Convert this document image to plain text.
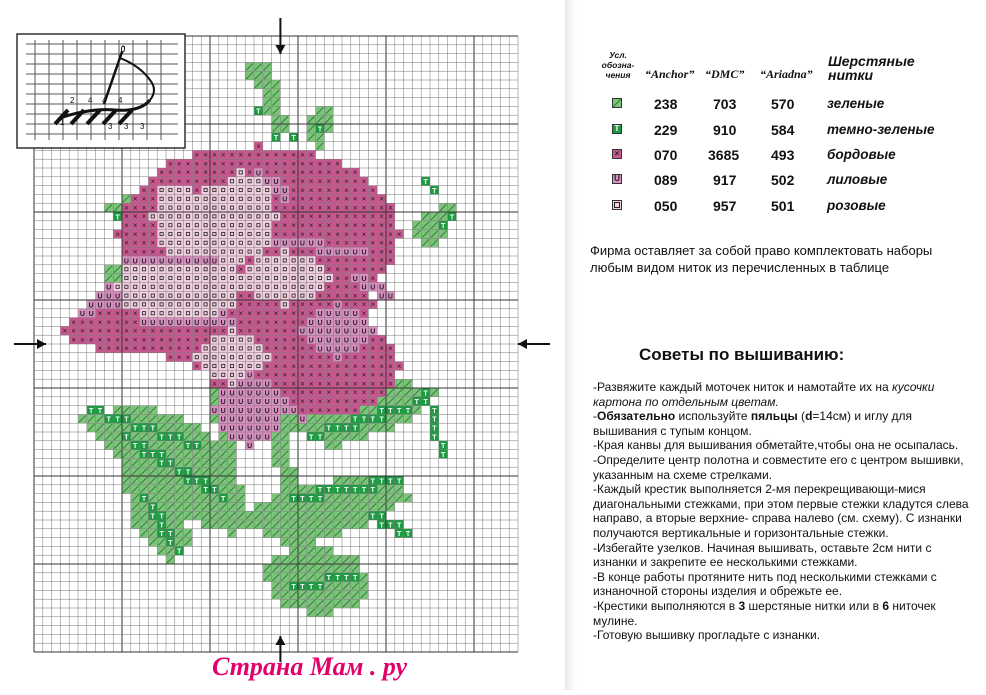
U
U U
U
U U
U
U
T
U
U
U U
U U
U ×
T T T
T T T
T	T T T
T T	T T
T T T
T T
T T
T T T
T T
T
T T T T T T T
T T T
T T
× × ×
× × × × ×	T
× × × × × ×	T T
× × × × × ×	T T T T
U	T T T T
T T T T
T T
T T T T
T T T T
T
T
T T
T
T T
T
T
T T
T T T T
T
T
T
T
T
T
T T T
T T
T
×
× × ×
T × × ×
× × × ×
U U
T
T
T T
T
T
T
×
× × × × × × × × × × × × ×
× × × × × × × × × × × × × × × × × × ×
× × × × × × × × × × U × × × × × × × × × × ×
× × × × × × × × ×	U U × × × × × × × × × ×
× ×	×	U U × × × × × × × × × ×
× ×	× U × × × × × × × × × × ×
×	× × × × × × × × × × × × × ×
× × × × × × × × × × × × ×
× × × × × × × × × × × × × ×
× × × × ×	× × × × × × × × × × × × × × ×
× × × ×	U U U U U U × × × × × × × ×
× × × × ×	× × × × × U U U U U U × × ×
U U U U U U U U U	×	× × × × × × × × ×
×	× × × × × × ×
× × U U ×
× × × × U
× ×	× × × × ×
× × × × × × × × × × U
U × × × × × × × × × ×
×
×
× × × ×
×	U U U U U ×
× U U U U U U U U U U U × × × × × × × U U U U U U U
× × × × × × × × × × × × × × × × × U U U U U U U
× × × × × × × ×	× × × × × × U U U U U U
× × × × ×	× × × × × × U U U
× × ×	× × × × × × ×
×	× × × × ×
U
U
U U U
U U U U
U U × × × ×
× × × × ×
× × × × ×
× × × ×
×
× ×
× × × ×
× × × ×
× × × × × ×
U × ×
U U × × × ×
U × × × × × ×
× × × × × × × × × × ×
× × × × × × × × × × × × × × × ×
× × U U U U × × × × × × × × × × ×
U U U U U	× × × × × ×
U U U U U	× × × ×
U U U	U ×
U U
U U U U U
U U U U
U U U U
U
U U
U U
U U
×
×
2 4 4 4
1	3 3 3
Усл.
обозна-
чения	“Anchor” “DMC” “Ariadna”
Шерстяные
нитки
238	703 570 зеленые
T 229	910 584 темно-зеленые
× 070 3685 493 бордовые
U 089	917 502 лиловые
050	957 501 розовые
Фирма оставляет за собой право комплектовать наборы любым видом ниток из перечисленных в таблице
Советы по вышиванию:

-Развяжите каждый моточек ниток и намотайте их на кусочки картона по отдельным цветам.

-Обязательно используйте пяльцы (d=14см) и иглу для вышивания с тупым концом.

-Края канвы для вышивания обметайте,чтобы она не осыпалась.

-Определите центр полотна и совместите его с центром вышивки, указанным на схеме стрелками.

-Каждый крестик выполняется 2-мя перекрещивающи-мися диагональными стежками, при этом первые стежки кладутся слева направо, а вторые верхние- справа налево (см. схему). С изнанки получаются вертикальные и горизонтальные стежки.

-Избегайте узелков. Начиная вышивать, оставьте 2см нити с изнанки и закрепите ее несколькими стежками.

-В конце работы протяните нить под несколькими стежками с изнаночной стороны изделия и обрежьте ее.

-Крестики выполняются в 3 шерстяные нитки или в 6 ниточек мулине.

-Готовую вышивку прогладьте с изнанки.

Страна Мам . ру
